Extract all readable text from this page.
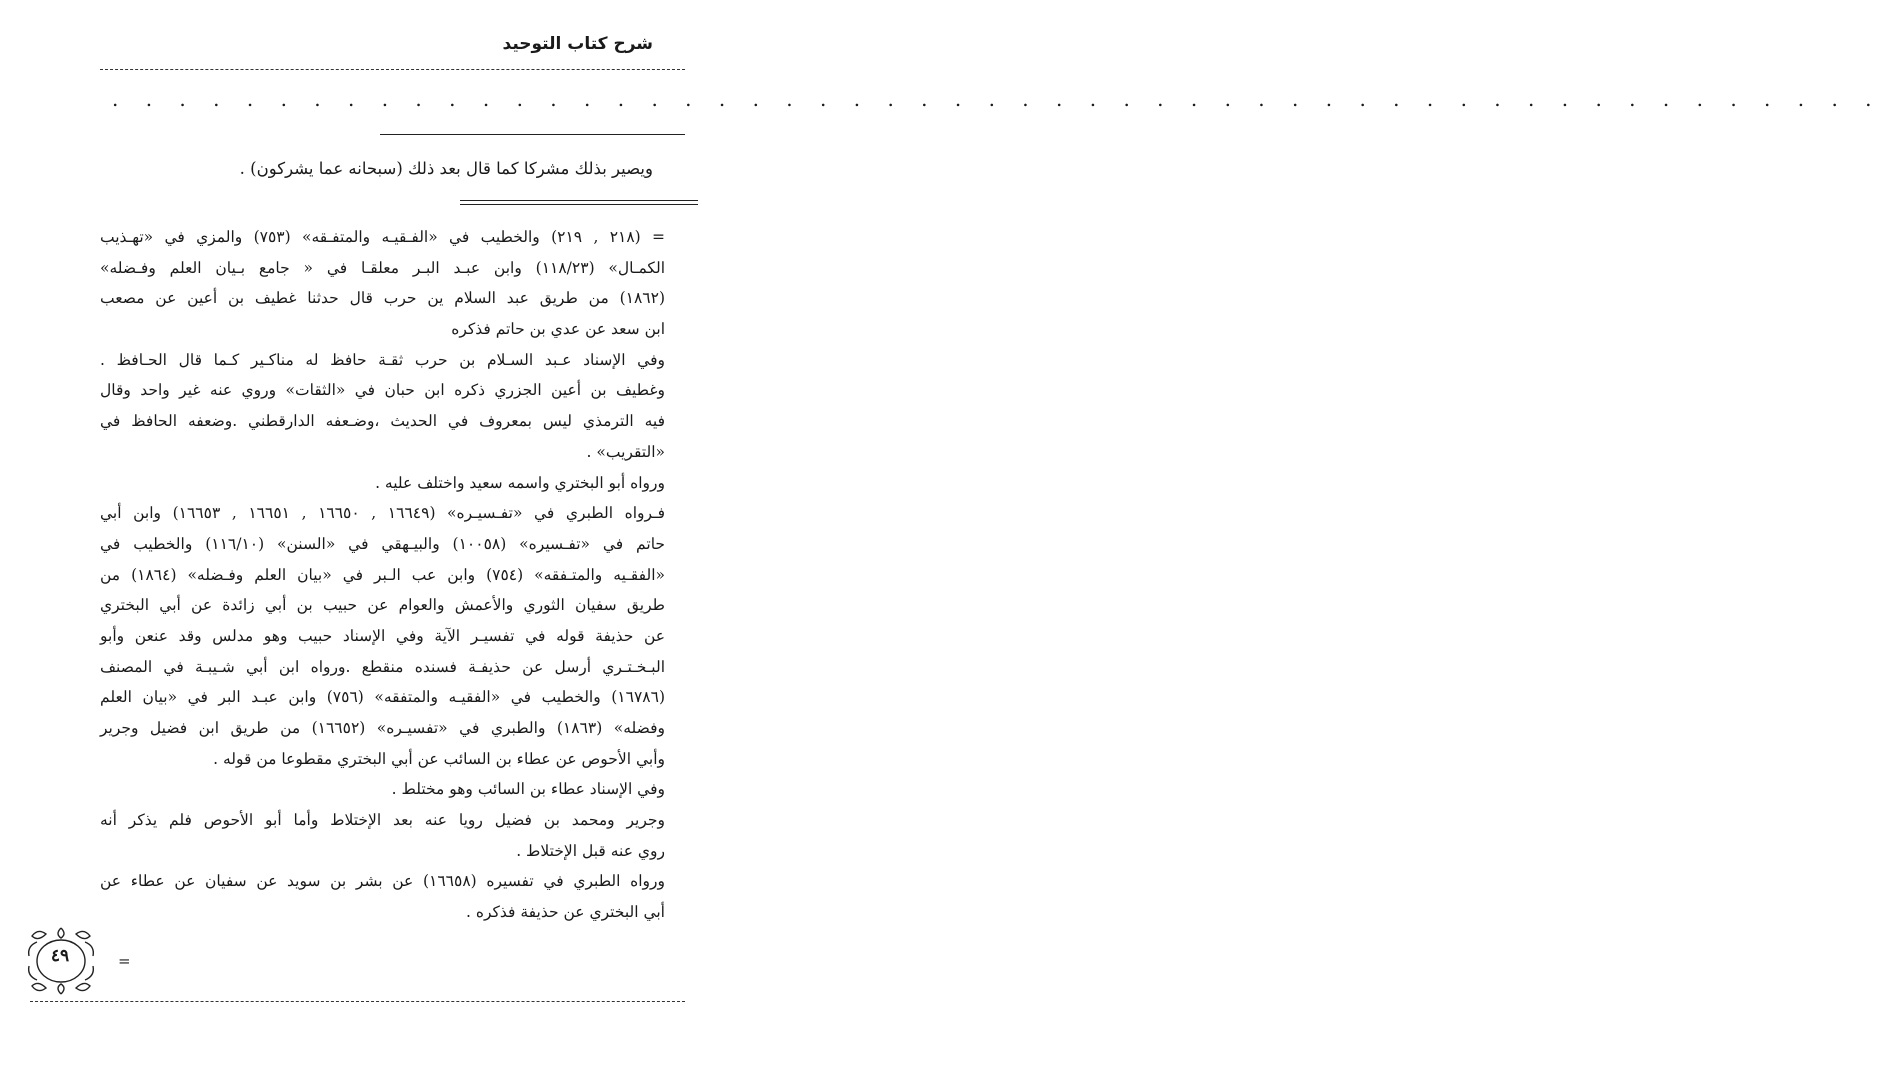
شرح كتاب التوحيد
. . . . . . . . . . . . . . . . . . . . . . . . . . . . . . . . . . . . . . . . . . . . . . . . . . . . .
ويصير بذلك مشركا كما قال بعد ذلك (سبحانه عما يشركون) .
= (٢١٨ , ٢١٩) والخطيب في «الفـقيـه والمتفـقه» (٧٥٣) والمزي في «تهـذيب
الكمـال» (١١٨/٢٣) وابن عبـد البـر معلقـا في « جامع بـيان العلم وفـضله»
(١٨٦٢) من طريق عبد السلام ين حرب قال حدثنا غطيف بن أعين عن مصعب
ابن سعد عن عدي بن حاتم فذكره
وفي الإسناد عـبد السـلام بن حرب ثقـة حافظ له مناكـير كـما قال الحـافظ .
وغطيف بن أعين الجزري ذكره ابن حبان في «الثقات» وروي عنه غير واحد وقال
فيه الترمذي ليس بمعروف في الحديث ،وضـعفه الدارقطني .وضعفه الحافظ في
«التقريب» .
ورواه أبو البختري واسمه سعيد واختلف عليه .
فـرواه الطبري في «تفـسيـره» (١٦٦٤٩ , ١٦٦٥٠ , ١٦٦٥١ , ١٦٦٥٣) وابن أبي
حاتم في «تفـسيره» (١٠٠٥٨) والبيـهقي في «السنن» (١١٦/١٠) والخطيب في
«الفقـيه والمتـفقه» (٧٥٤) وابن عب الـبر في «بيان العلم وفـضله» (١٨٦٤) من
طريق سفيان الثوري والأعمش والعوام عن حبيب بن أبي زائدة عن أبي البختري
عن حذيفة قوله في تفسيـر الآية وفي الإسناد حبيب وهو مدلس وقد عنعن وأبو
البـخـتـري أرسل عن حذيفـة فسنده منقطع .ورواه ابن أبي شـيبـة في المصنف
(١٦٧٨٦) والخطيب في «الفقيـه والمتفقه» (٧٥٦) وابن عبـد البر في «بيان العلم
وفضله» (١٨٦٣) والطبري في «تفسيـره» (١٦٦٥٢) من طريق ابن فضيل وجرير
وأبي الأحوص عن عطاء بن السائب عن أبي البختري مقطوعا من قوله .
وفي الإسناد عطاء بن السائب وهو مختلط .
وجرير ومحمد بن فضيل رويا عنه بعد الإختلاط وأما أبو الأحوص فلم يذكر أنه
روي عنه قبل الإختلاط .
ورواه الطبري في تفسيره (١٦٦٥٨) عن بشر بن سويد عن سفيان عن عطاء عن
أبي البختري عن حذيفة فذكره .
٤٩	=
